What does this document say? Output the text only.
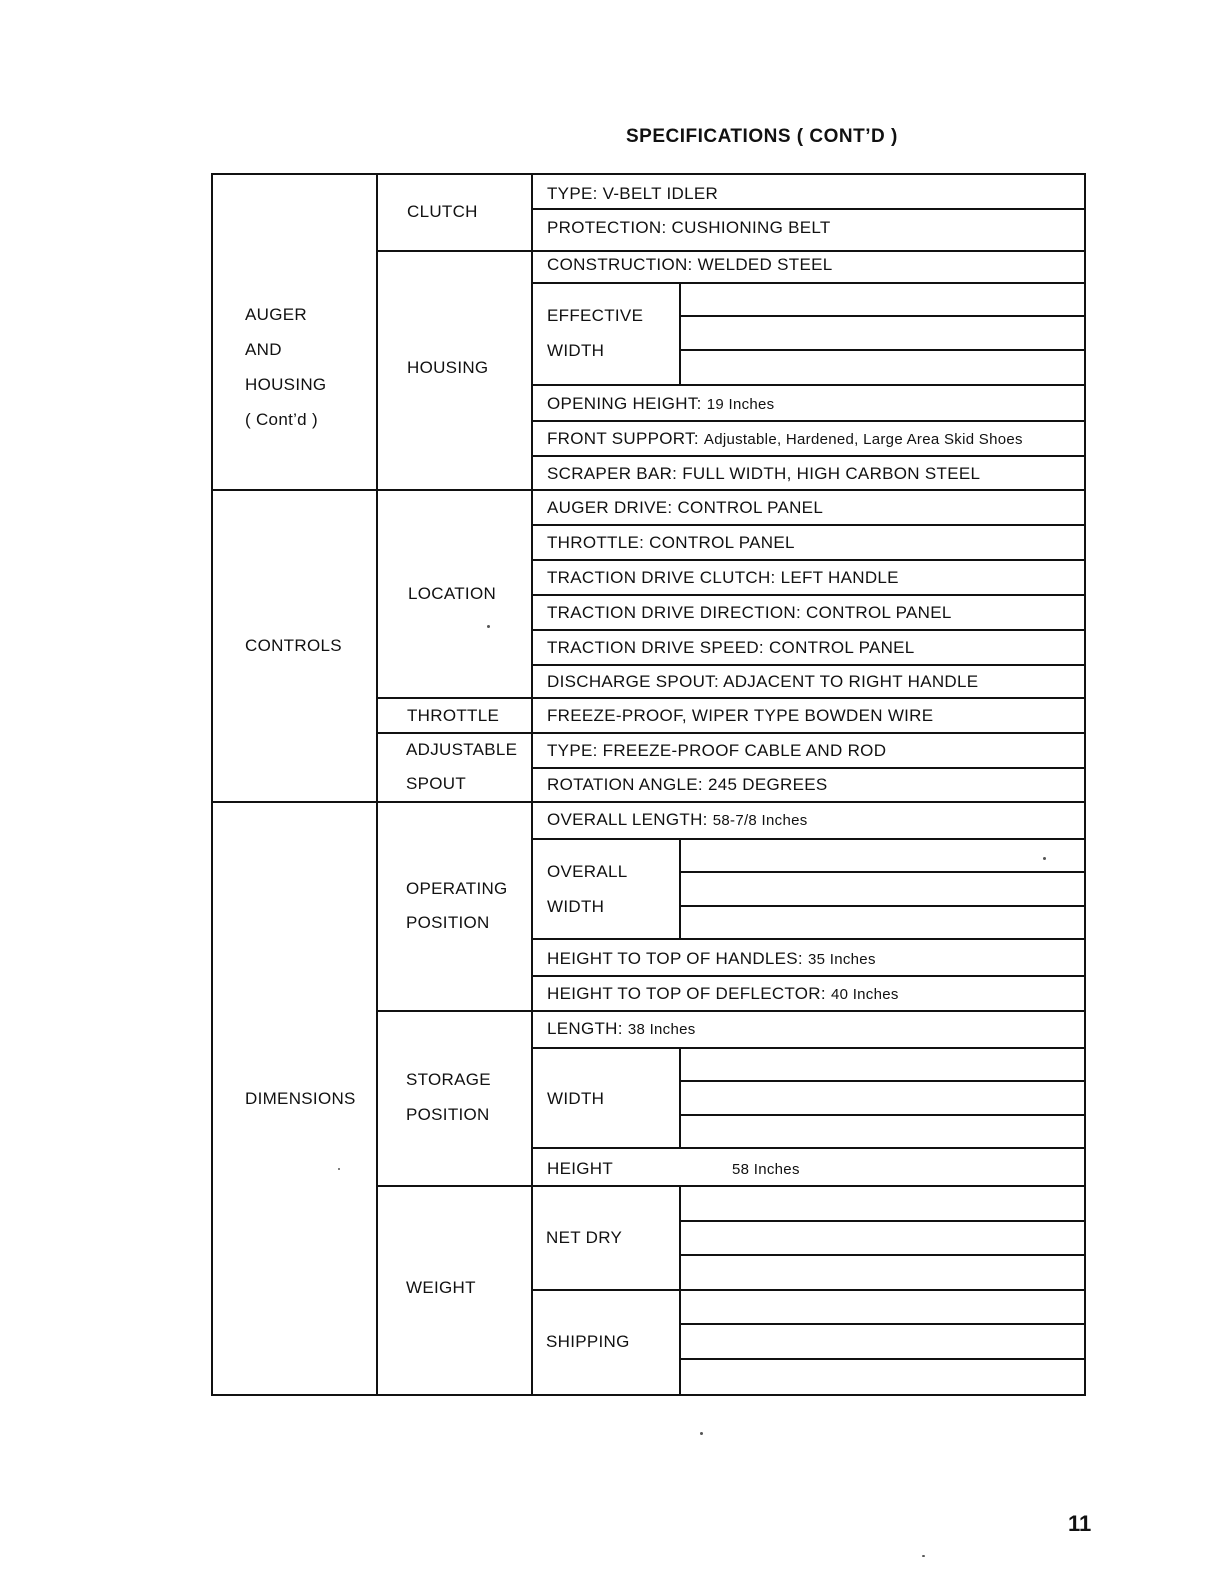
SPECIFICATIONS ( CONT’D )
AUGER
AND
HOUSING
( Cont’d )
CONTROLS
DIMENSIONS
CLUTCH
HOUSING
LOCATION
THROTTLE
ADJUSTABLE
SPOUT
OPERATING
POSITION
STORAGE
POSITION
WEIGHT
TYPE: V-BELT IDLER
PROTECTION: CUSHIONING BELT
CONSTRUCTION: WELDED STEEL
EFFECTIVE
WIDTH
OPENING HEIGHT: 19 Inches
FRONT SUPPORT: Adjustable, Hardened, Large Area Skid Shoes
SCRAPER BAR: FULL WIDTH, HIGH CARBON STEEL
AUGER DRIVE: CONTROL PANEL
THROTTLE: CONTROL PANEL
TRACTION DRIVE CLUTCH: LEFT HANDLE
TRACTION DRIVE DIRECTION: CONTROL PANEL
TRACTION DRIVE SPEED: CONTROL PANEL
DISCHARGE SPOUT: ADJACENT TO RIGHT HANDLE
FREEZE-PROOF, WIPER TYPE BOWDEN WIRE
TYPE: FREEZE-PROOF CABLE AND ROD
ROTATION ANGLE: 245 DEGREES
OVERALL LENGTH: 58-7/8 Inches
OVERALL
WIDTH
HEIGHT TO TOP OF HANDLES: 35 Inches
HEIGHT TO TOP OF DEFLECTOR: 40 Inches
LENGTH: 38 Inches
WIDTH
HEIGHT	58 Inches
NET DRY
SHIPPING
11
